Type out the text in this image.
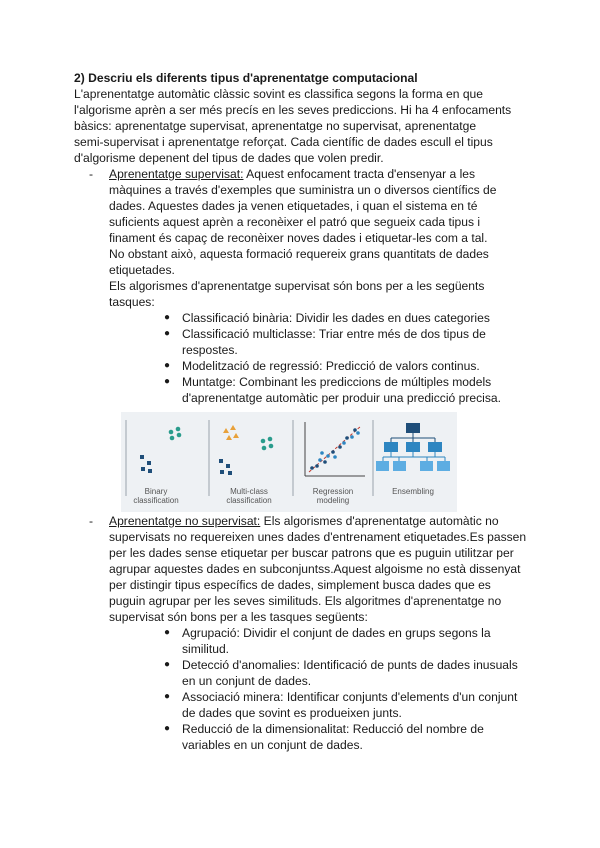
2) Descriu els diferents tipus d'aprenentatge computacional

L'aprenentatge automàtic clàssic sovint es classifica segons la forma en que
l'algorisme aprèn a ser més precís en les seves prediccions. Hi ha 4 enfocaments
bàsics: aprenentatge supervisat, aprenentatge no supervisat, aprenentatge
semi-supervisat i aprenentatge reforçat. Cada científic de dades escull el tipus
d'algorisme depenent del tipus de dades que volen predir.

- Aprenentatge supervisat: Aquest enfocament tracta d'ensenyar a les
màquines a través d'exemples que suministra un o diversos científics de
dades. Aquestes dades ja venen etiquetades, i quan el sistema en té
suficients aquest aprèn a reconèixer el patró que segueix cada tipus i
finament és capaç de reconèixer noves dades i etiquetar-les com a tal.
No obstant això, aquesta formació requereix grans quantitats de dades
etiquetades.
Els algorismes d'aprenentatge supervisat són bons per a les següents
tasques:
● Classificació binària: Dividir les dades en dues categories
● Classificació multiclasse: Triar entre més de dos tipus de
respostes.
● Modelització de regressió: Predicció de valors continus.
● Muntatge: Combinant les prediccions de múltiples models
d'aprenentatge automàtic per produir una predicció precisa.
Binary
classification
Multi-class
classification
Regression
modeling
Ensembling
- Aprenentatge no supervisat: Els algorismes d'aprenentatge automàtic no
supervisats no requereixen unes dades d'entrenament etiquetades.Es passen
per les dades sense etiquetar per buscar patrons que es puguin utilitzar per
agrupar aquestes dades en subconjuntss.Aquest algoisme no està dissenyat
per distingir tipus específics de dades, simplement busca dades que es
puguin agrupar per les seves similituds. Els algoritmes d'aprenentatge no
supervisat són bons per a les tasques següents:
● Agrupació: Dividir el conjunt de dades en grups segons la
similitud.
● Detecció d'anomalies: Identificació de punts de dades inusuals
en un conjunt de dades.
● Associació minera: Identificar conjunts d'elements d'un conjunt
de dades que sovint es produeixen junts.
● Reducció de la dimensionalitat: Reducció del nombre de
variables en un conjunt de dades.
